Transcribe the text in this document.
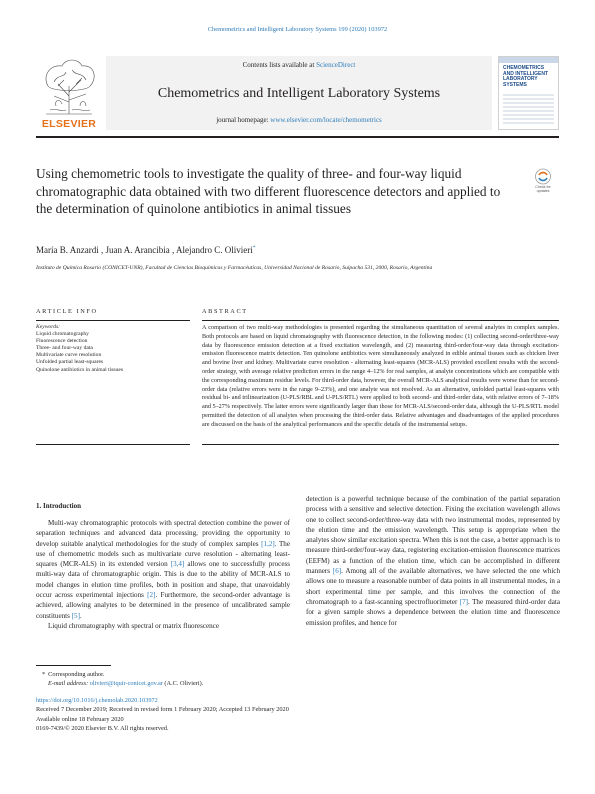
Chemometrics and Intelligent Laboratory Systems 199 (2020) 103972
ELSEVIER
Contents lists available at ScienceDirect
Chemometrics and Intelligent Laboratory Systems
journal homepage: www.elsevier.com/locate/chemometrics
CHEMOMETRICS
AND INTELLIGENT
LABORATORY
SYSTEMS
Using chemometric tools to investigate the quality of three- and four-way liquid chromatographic data obtained with two different fluorescence detectors and applied to the determination of quinolone antibiotics in animal tissues
Check for updates
María B. Anzardi , Juan A. Arancibia , Alejandro C. Olivieri*
Instituto de Química Rosario (CONICET-UNR), Facultad de Ciencias Bioquímicas y Farmacéuticas, Universidad Nacional de Rosario, Suipacha 531, 2000, Rosario, Argentina
ARTICLE INFO	ABSTRACT
Keywords:
Liquid chromatography
Fluorescence detection
Three- and four-way data
Multivariate curve resolution
Unfolded partial least-squares
Quinolone antibiotics in animal tissues
A comparison of two multi-way methodologies is presented regarding the simultaneous quantitation of several analytes in complex samples. Both protocols are based on liquid chromatography with fluorescence detection, in the following modes: (1) collecting second-order/three-way data by fluorescence emission detection at a fixed excitation wavelength, and (2) measuring third-order/four-way data through excitation-emission fluorescence matrix detection. Ten quinolone antibiotics were simultaneously analyzed in edible animal tissues such as chicken liver and bovine liver and kidney. Multivariate curve resolution - alternating least-squares (MCR-ALS) provided excellent results with the second-order strategy, with average relative prediction errors in the range 4–12% for real samples, at analyte concentrations which are compatible with the corresponding maximum residue levels. For third-order data, however, the overall MCR-ALS analytical results were worse than for second-order data (relative errors were in the range 9–23%), and one analyte was not resolved. As an alternative, unfolded partial least-squares with residual bi- and trilinearization (U-PLS/RBL and U-PLS/RTL) were applied to both second- and third-order data, with relative errors of 7–18% and 5–27% respectively. The latter errors were significantly larger than those for MCR-ALS/second-order data, although the U-PLS/RTL model permitted the detection of all analytes when processing the third-order data. Relative advantages and disadvantages of the applied procedures are discussed on the basis of the analytical performances and the specific details of the instrumental setups.
1. Introduction

Multi-way chromatographic protocols with spectral detection combine the power of separation techniques and advanced data processing, providing the opportunity to develop suitable analytical methodologies for the study of complex samples [1,2]. The use of chemometric models such as multivariate curve resolution - alternating least-squares (MCR-ALS) in its extended version [3,4] allows one to successfully process multi-way data of chromatographic origin. This is due to the ability of MCR-ALS to model changes in elution time profiles, both in position and shape, that unavoidably occur across experimental injections [2]. Furthermore, the second-order advantage is achieved, allowing analytes to be determined in the presence of uncalibrated sample constituents [5].

Liquid chromatography with spectral or matrix fluorescence

detection is a powerful technique because of the combination of the partial separation process with a sensitive and selective detection. Fixing the excitation wavelength allows one to collect second-order/three-way data with two instrumental modes, represented by the elution time and the emission wavelength. This setup is appropriate when the analytes show similar excitation spectra. When this is not the case, a better approach is to measure third-order/four-way data, registering excitation-emission fluorescence matrices (EEFM) as a function of the elution time, which can be accomplished in different manners [6]. Among all of the available alternatives, we have selected the one which allows one to measure a reasonable number of data points in all instrumental modes, in a short experimental time per sample, and this involves the connection of the chromatograph to a fast-scanning spectrofluorimeter [7]. The measured third-order data for a given sample shows a dependence between the elution time and fluorescence emission profiles, and hence for

* Corresponding author.
E-mail address: olivieri@iquir-conicet.gov.ar (A.C. Olivieri).
https://doi.org/10.1016/j.chemolab.2020.103972
Received 7 December 2019; Received in revised form 1 February 2020; Accepted 13 February 2020
Available online 18 February 2020
0169-7439/© 2020 Elsevier B.V. All rights reserved.
